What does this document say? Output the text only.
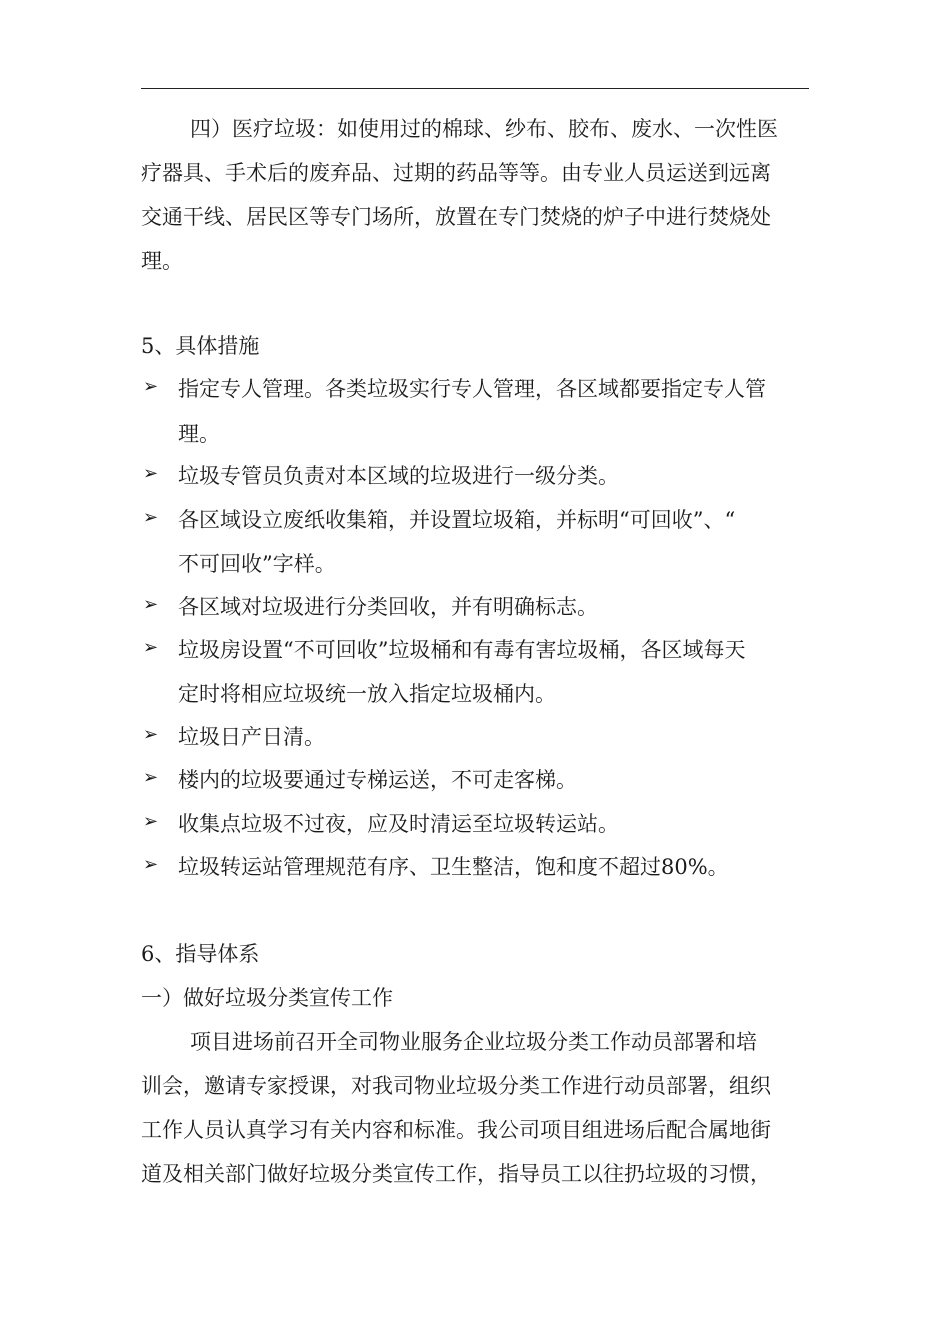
四）医疗垃圾：如使用过的棉球、纱布、胶布、废水、一次性医
疗器具、手术后的废弃品、过期的药品等等。由专业人员运送到远离
交通干线、居民区等专门场所，放置在专门焚烧的炉子中进行焚烧处
理。
5、具体措施
➢ 指定专人管理。各类垃圾实行专人管理，各区域都要指定专人管
理。
➢ 垃圾专管员负责对本区域的垃圾进行一级分类。
➢ 各区域设立废纸收集箱，并设置垃圾箱，并标明“可回收”、“
不可回收”字样。
➢ 各区域对垃圾进行分类回收，并有明确标志。
➢ 垃圾房设置“不可回收”垃圾桶和有毒有害垃圾桶，各区域每天
定时将相应垃圾统一放入指定垃圾桶内。
➢ 垃圾日产日清。
➢ 楼内的垃圾要通过专梯运送，不可走客梯。
➢ 收集点垃圾不过夜，应及时清运至垃圾转运站。
➢ 垃圾转运站管理规范有序、卫生整洁，饱和度不超过80%。
6、指导体系
一）做好垃圾分类宣传工作
项目进场前召开全司物业服务企业垃圾分类工作动员部署和培
训会，邀请专家授课，对我司物业垃圾分类工作进行动员部署，组织
工作人员认真学习有关内容和标准。我公司项目组进场后配合属地街
道及相关部门做好垃圾分类宣传工作，指导员工以往扔垃圾的习惯，
